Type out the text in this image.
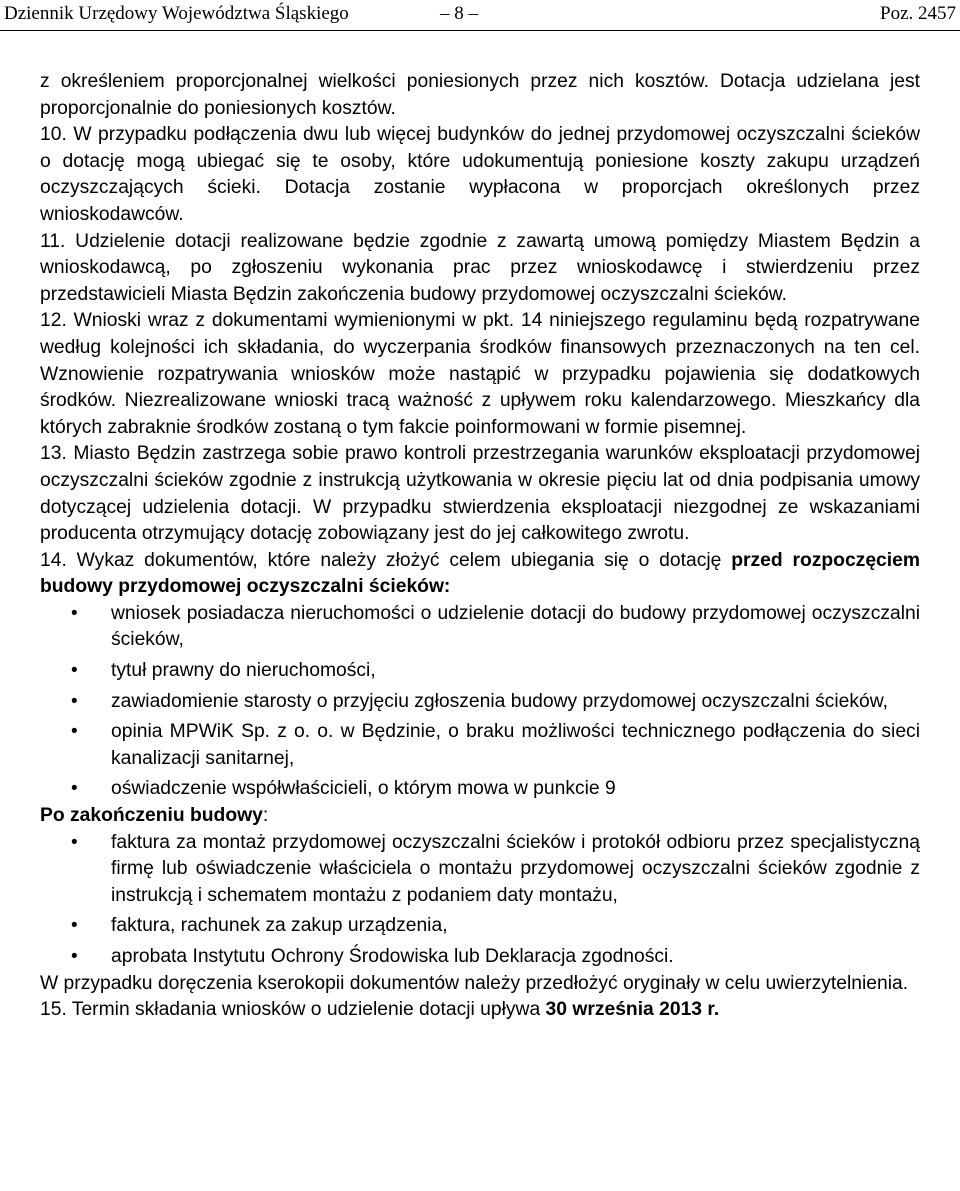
Dziennik Urzędowy Województwa Śląskiego	– 8 –	Poz. 2457

z określeniem proporcjonalnej wielkości poniesionych przez nich kosztów. Dotacja udzielana jest proporcjonalnie do poniesionych kosztów.

10. W przypadku podłączenia dwu lub więcej budynków do jednej przydomowej oczyszczalni ścieków o dotację mogą ubiegać się te osoby, które udokumentują poniesione koszty zakupu urządzeń oczyszczających ścieki. Dotacja zostanie wypłacona w proporcjach określonych przez wnioskodawców.

11. Udzielenie dotacji realizowane będzie zgodnie z zawartą umową pomiędzy Miastem Będzin a wnioskodawcą, po zgłoszeniu wykonania prac przez wnioskodawcę i stwierdzeniu przez przedstawicieli Miasta Będzin zakończenia budowy przydomowej oczyszczalni ścieków.

12. Wnioski wraz z dokumentami wymienionymi w pkt. 14 niniejszego regulaminu będą rozpatrywane według kolejności ich składania, do wyczerpania środków finansowych przeznaczonych na ten cel. Wznowienie rozpatrywania wniosków może nastąpić w przypadku pojawienia się dodatkowych środków. Niezrealizowane wnioski tracą ważność z upływem roku kalendarzowego. Mieszkańcy dla których zabraknie środków zostaną o tym fakcie poinformowani w formie pisemnej.

13. Miasto Będzin zastrzega sobie prawo kontroli przestrzegania warunków eksploatacji przydomowej oczyszczalni ścieków zgodnie z instrukcją użytkowania w okresie pięciu lat od dnia podpisania umowy dotyczącej udzielenia dotacji. W przypadku stwierdzenia eksploatacji niezgodnej ze wskazaniami producenta otrzymujący dotację zobowiązany jest do jej całkowitego zwrotu.

14. Wykaz dokumentów, które należy złożyć celem ubiegania się o dotację przed rozpoczęciem budowy przydomowej oczyszczalni ścieków:

• wniosek posiadacza nieruchomości o udzielenie dotacji do budowy przydomowej oczyszczalni ścieków,
• tytuł prawny do nieruchomości,
• zawiadomienie starosty o przyjęciu zgłoszenia budowy przydomowej oczyszczalni ścieków,
• opinia MPWiK Sp. z o. o. w Będzinie, o braku możliwości technicznego podłączenia do sieci kanalizacji sanitarnej,
• oświadczenie współwłaścicieli, o którym mowa w punkcie 9

Po zakończeniu budowy:

• faktura za montaż przydomowej oczyszczalni ścieków i protokół odbioru przez specjalistyczną firmę lub oświadczenie właściciela o montażu przydomowej oczyszczalni ścieków zgodnie z instrukcją i schematem montażu z podaniem daty montażu,
• faktura, rachunek za zakup urządzenia,
• aprobata Instytutu Ochrony Środowiska lub Deklaracja zgodności.

W przypadku doręczenia kserokopii dokumentów należy przedłożyć oryginały w celu uwierzytelnienia.

15. Termin składania wniosków o udzielenie dotacji upływa 30 września 2013 r.
